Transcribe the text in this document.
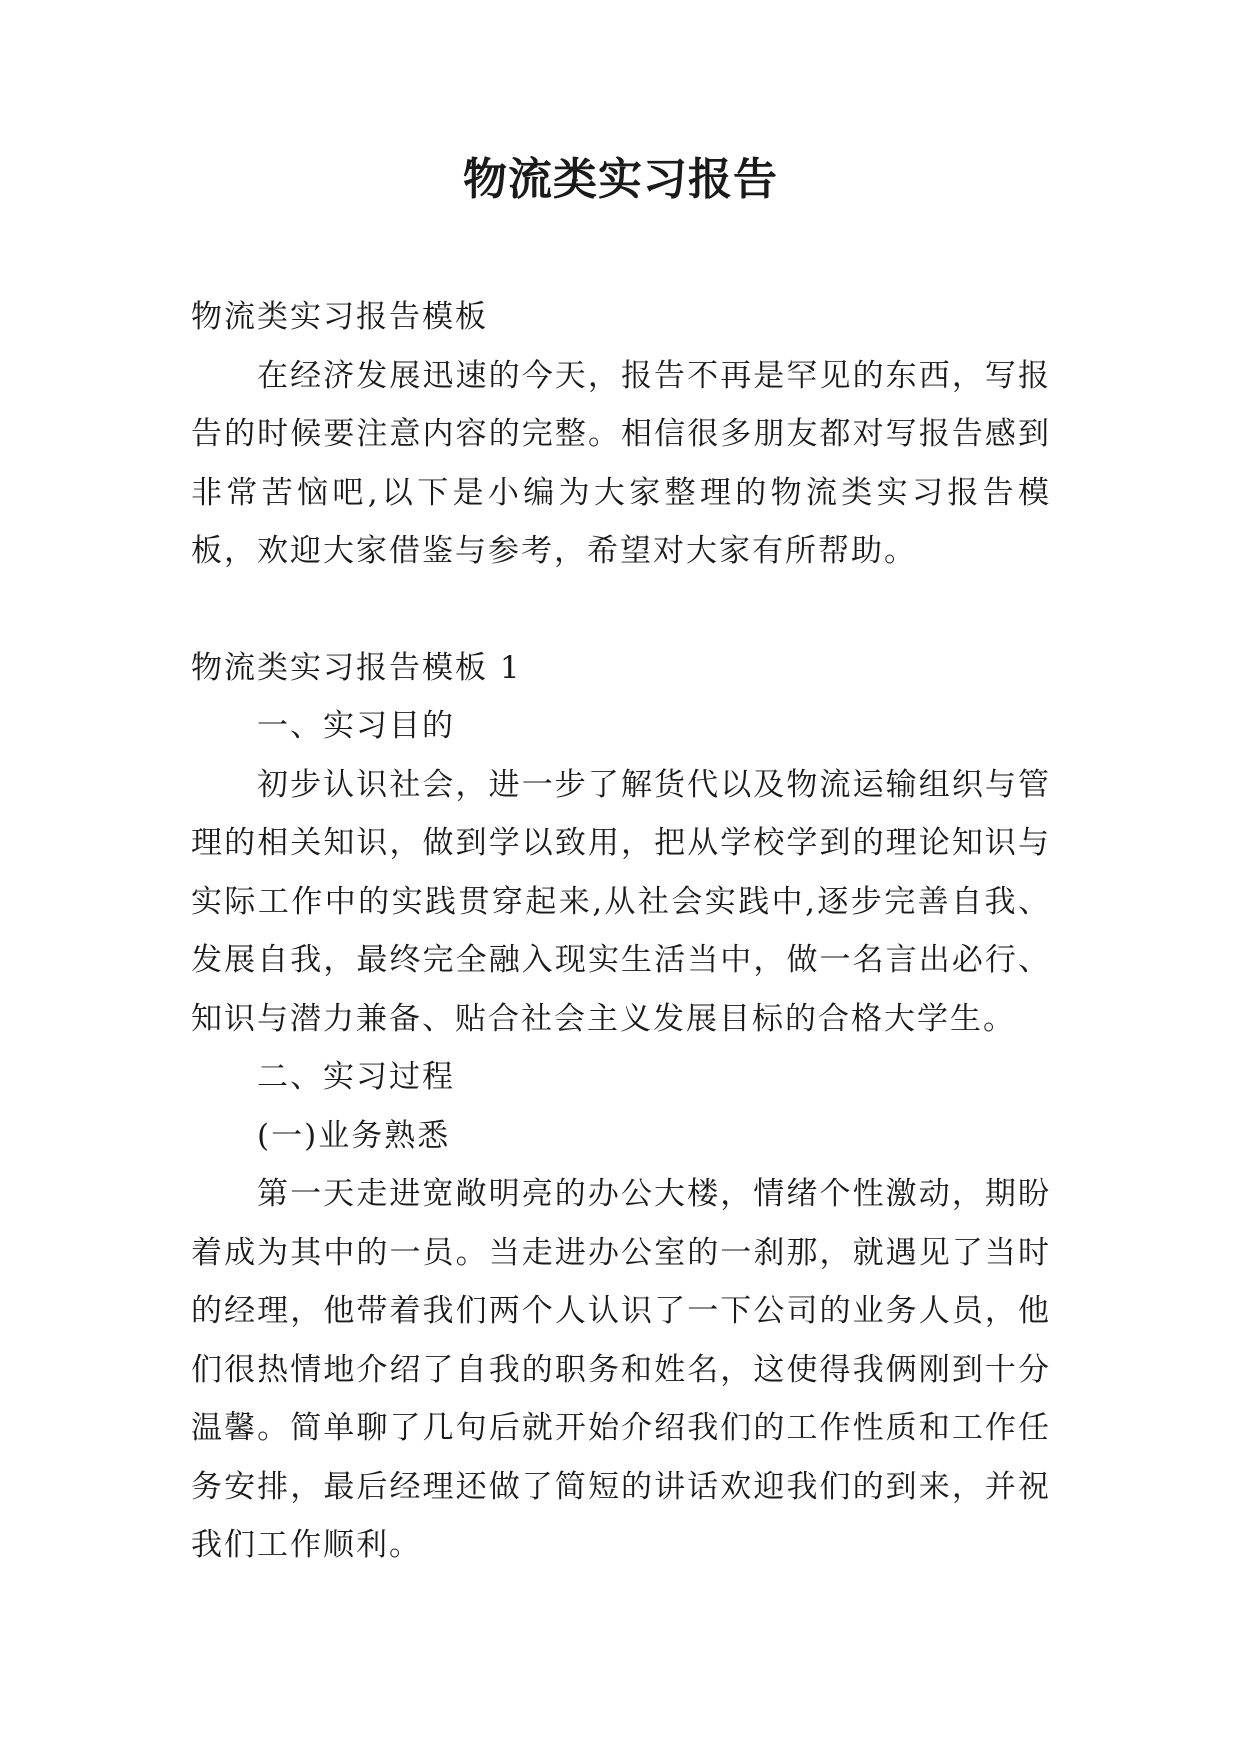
物流类实习报告

物流类实习报告模板

在经济发展迅速的今天，报告不再是罕见的东西，写报告的时候要注意内容的完整。相信很多朋友都对写报告感到非常苦恼吧,以下是小编为大家整理的物流类实习报告模板，欢迎大家借鉴与参考，希望对大家有所帮助。

物流类实习报告模板 1

一、实习目的

初步认识社会，进一步了解货代以及物流运输组织与管理的相关知识，做到学以致用，把从学校学到的理论知识与实际工作中的实践贯穿起来,从社会实践中,逐步完善自我、发展自我，最终完全融入现实生活当中，做一名言出必行、知识与潜力兼备、贴合社会主义发展目标的合格大学生。

二、实习过程

(一)业务熟悉

第一天走进宽敞明亮的办公大楼，情绪个性激动，期盼着成为其中的一员。当走进办公室的一刹那，就遇见了当时的经理，他带着我们两个人认识了一下公司的业务人员，他们很热情地介绍了自我的职务和姓名，这使得我俩刚到十分温馨。简单聊了几句后就开始介绍我们的工作性质和工作任务安排，最后经理还做了简短的讲话欢迎我们的到来，并祝我们工作顺利。
